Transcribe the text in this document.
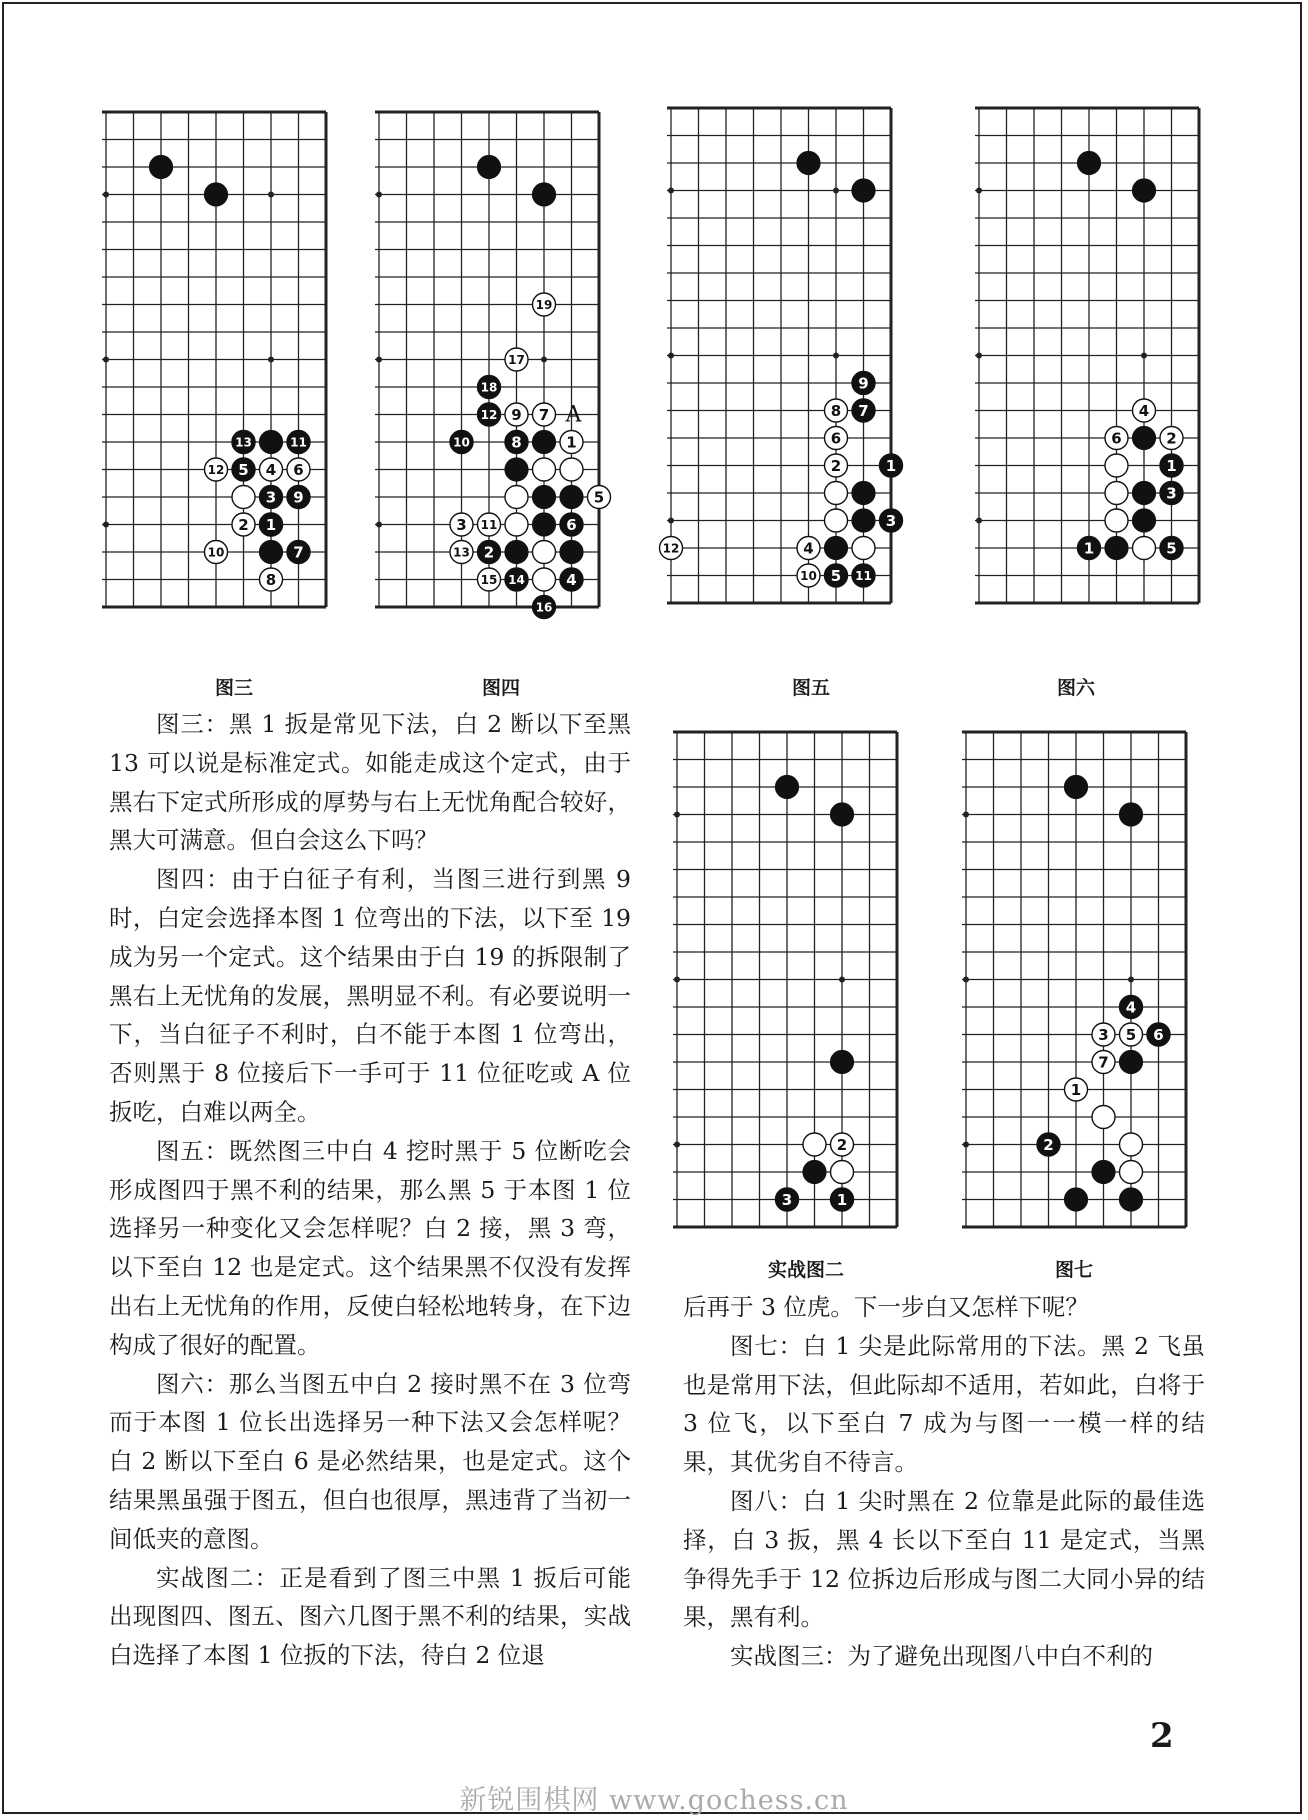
13	11
12 5 4 6
3 9
2 1
10	7
8
19
17
18
12 9 7
10	8	1
5
3 11	6
13 2
15 14	4
16
A
9
8 7
6
2	1
3
12	4
10 5 11
4
6	2
1
3
1	5
2
3	1
4
3 5 6
7
1
2
图三	图四	图五	图六
实战图二	图七

图三：黑 1 扳是常见下法，白 2 断以下至黑 13 可以说是标准定式。如能走成这个定式，由于黑右下定式所形成的厚势与右上无忧角配合较好，黑大可满意。但白会这么下吗？

图四：由于白征子有利，当图三进行到黑 9 时，白定会选择本图 1 位弯出的下法，以下至 19 成为另一个定式。这个结果由于白 19 的拆限制了黑右上无忧角的发展，黑明显不利。有必要说明一下，当白征子不利时，白不能于本图 1 位弯出，否则黑于 8 位接后下一手可于 11 位征吃或 A 位扳吃，白难以两全。

图五：既然图三中白 4 挖时黑于 5 位断吃会形成图四于黑不利的结果，那么黑 5 于本图 1 位选择另一种变化又会怎样呢？白 2 接，黑 3 弯，以下至白 12 也是定式。这个结果黑不仅没有发挥出右上无忧角的作用，反使白轻松地转身，在下边构成了很好的配置。

图六：那么当图五中白 2 接时黑不在 3 位弯而于本图 1 位长出选择另一种下法又会怎样呢？白 2 断以下至白 6 是必然结果，也是定式。这个结果黑虽强于图五，但白也很厚，黑违背了当初一间低夹的意图。

实战图二：正是看到了图三中黑 1 扳后可能出现图四、图五、图六几图于黑不利的结果，实战白选择了本图 1 位扳的下法，待白 2 位退

后再于 3 位虎。下一步白又怎样下呢？

图七：白 1 尖是此际常用的下法。黑 2 飞虽也是常用下法，但此际却不适用，若如此，白将于 3 位飞，以下至白 7 成为与图一一模一样的结果，其优劣自不待言。

图八：白 1 尖时黑在 2 位靠是此际的最佳选择，白 3 扳，黑 4 长以下至白 11 是定式，当黑争得先手于 12 位拆边后形成与图二大同小异的结果，黑有利。

实战图三：为了避免出现图八中白不利的

2
新锐围棋网 www.gochess.cn
